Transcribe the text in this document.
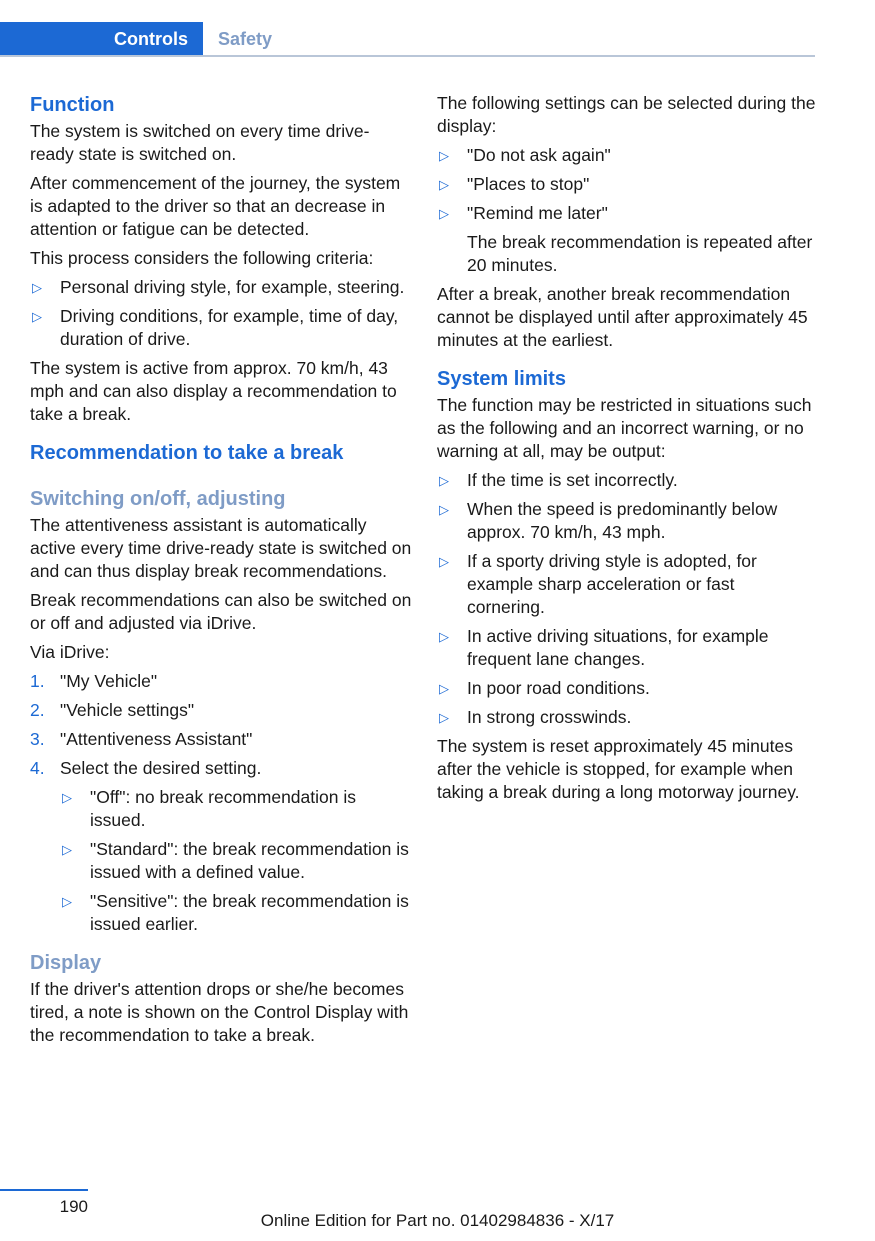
Controls	Safety
Function

The system is switched on every time drive-ready state is switched on.

After commencement of the journey, the system is adapted to the driver so that an decrease in attention or fatigue can be detected.

This process considers the following criteria:

▷ Personal driving style, for example, steering.
▷ Driving conditions, for example, time of day, duration of drive.

The system is active from approx. 70 km/h, 43 mph and can also display a recommendation to take a break.

Recommendation to take a break
Switching on/off, adjusting

The attentiveness assistant is automatically active every time drive-ready state is switched on and can thus display break recommendations.

Break recommendations can also be switched on or off and adjusted via iDrive.

Via iDrive:

1. "My Vehicle"
2. "Vehicle settings"
3. "Attentiveness Assistant"
4. Select the desired setting.
▷ "Off": no break recommendation is issued.
▷ "Standard": the break recommendation is issued with a defined value.
▷ "Sensitive": the break recommendation is issued earlier.
Display

If the driver's attention drops or she/he becomes tired, a note is shown on the Control Display with the recommendation to take a break.

The following settings can be selected during the display:

▷ "Do not ask again"
▷ "Places to stop"
▷ "Remind me later"

The break recommendation is repeated after 20 minutes.

After a break, another break recommendation cannot be displayed until after approximately 45 minutes at the earliest.

System limits

The function may be restricted in situations such as the following and an incorrect warning, or no warning at all, may be output:

▷ If the time is set incorrectly.
▷ When the speed is predominantly below approx. 70 km/h, 43 mph.
▷ If a sporty driving style is adopted, for example sharp acceleration or fast cornering.
▷ In active driving situations, for example frequent lane changes.
▷ In poor road conditions.
▷ In strong crosswinds.

The system is reset approximately 45 minutes after the vehicle is stopped, for example when taking a break during a long motorway journey.

190
Online Edition for Part no. 01402984836 - X/17
